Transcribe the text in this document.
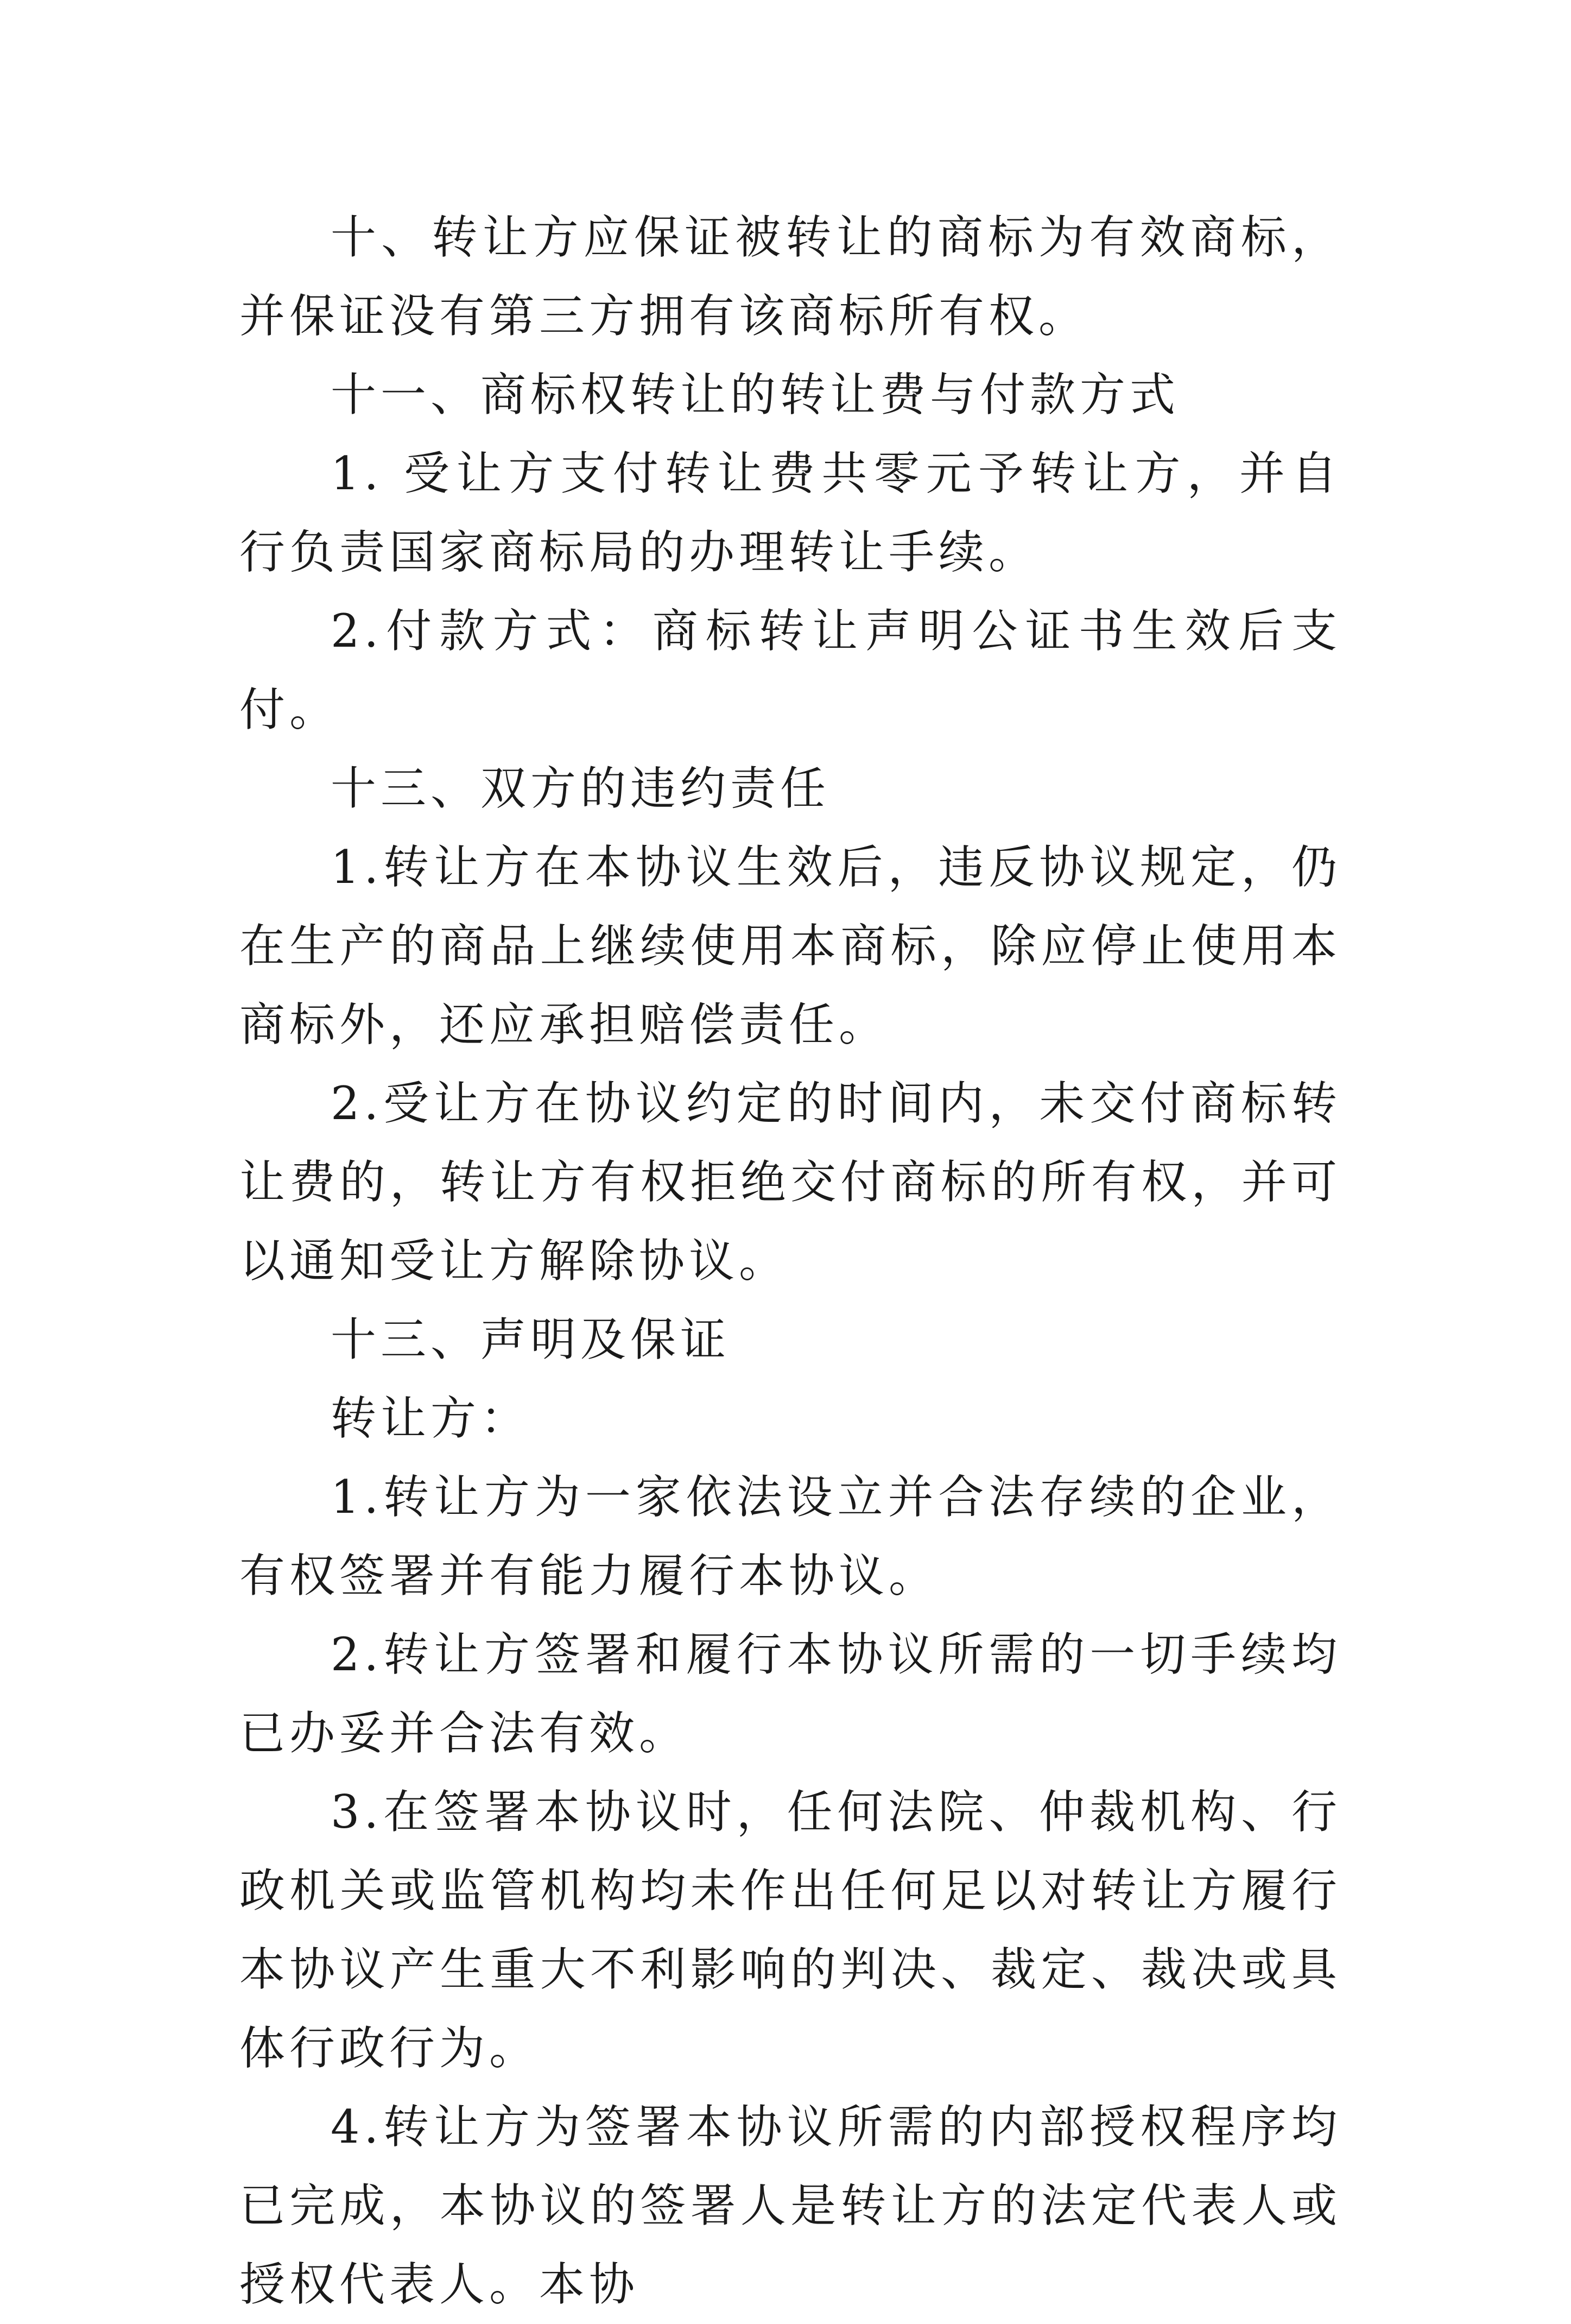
十、转让方应保证被转让的商标为有效商标，并保证没有第三方拥有该商标所有权。

十一、商标权转让的转让费与付款方式

1. 受让方支付转让费共零元予转让方，并自行负责国家商标局的办理转让手续。

2.付款方式：商标转让声明公证书生效后支付。

十三、双方的违约责任

1.转让方在本协议生效后，违反协议规定，仍在生产的商品上继续使用本商标，除应停止使用本商标外，还应承担赔偿责任。

2.受让方在协议约定的时间内，未交付商标转让费的，转让方有权拒绝交付商标的所有权，并可以通知受让方解除协议。

十三、声明及保证

转让方：

1.转让方为一家依法设立并合法存续的企业，有权签署并有能力履行本协议。

2.转让方签署和履行本协议所需的一切手续均已办妥并合法有效。

3.在签署本协议时，任何法院、仲裁机构、行政机关或监管机构均未作出任何足以对转让方履行本协议产生重大不利影响的判决、裁定、裁决或具体行政行为。

4.转让方为签署本协议所需的内部授权程序均已完成，本协议的签署人是转让方的法定代表人或授权代表人。本协
